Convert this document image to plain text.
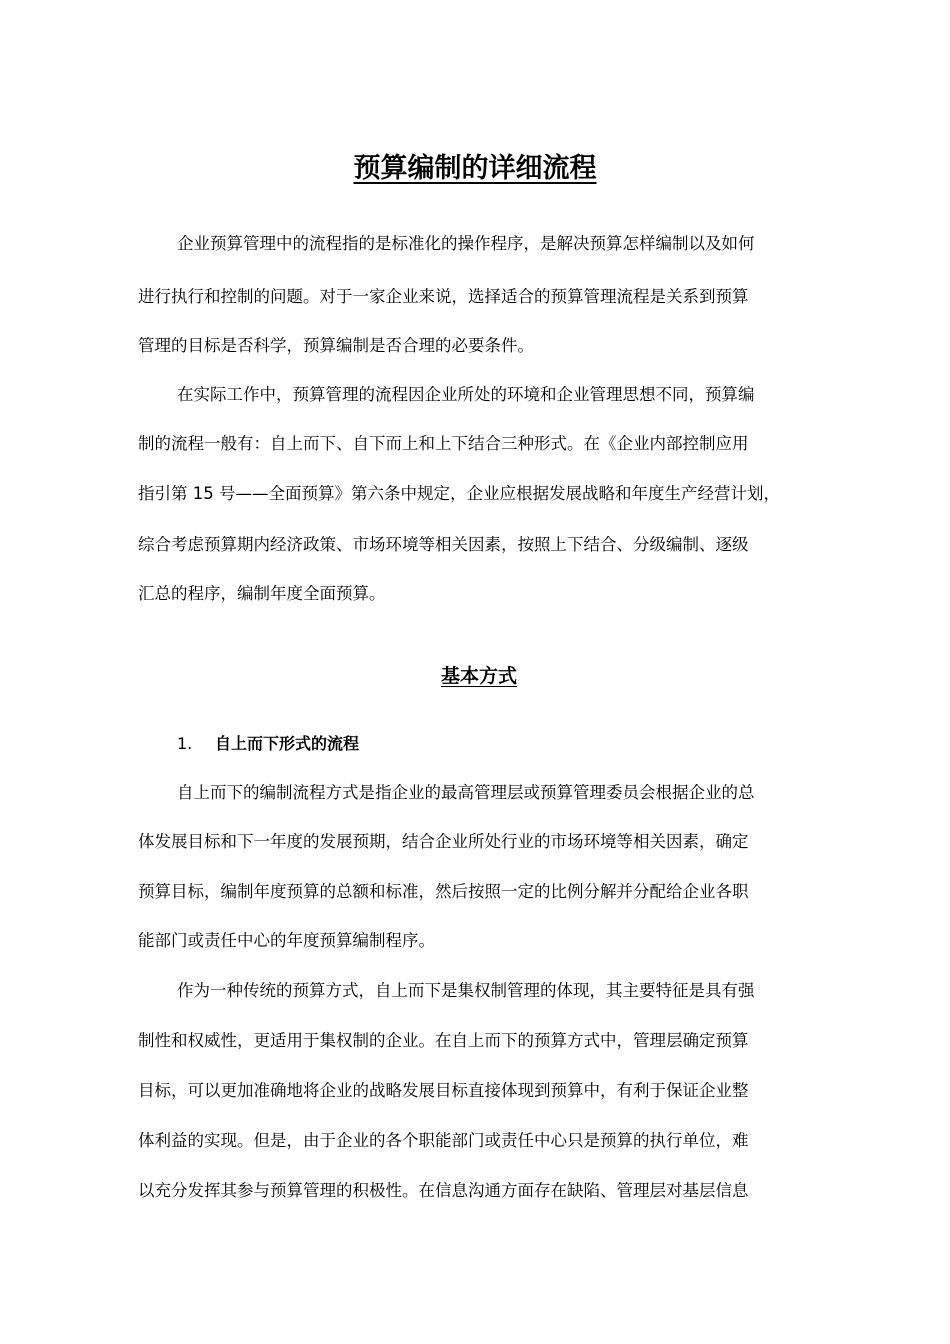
预算编制的详细流程

企业预算管理中的流程指的是标准化的操作程序，是解决预算怎样编制以及如何

进行执行和控制的问题。对于一家企业来说，选择适合的预算管理流程是关系到预算

管理的目标是否科学，预算编制是否合理的必要条件。

在实际工作中，预算管理的流程因企业所处的环境和企业管理思想不同，预算编

制的流程一般有：自上而下、自下而上和上下结合三种形式。在《企业内部控制应用

指引第 15 号——全面预算》第六条中规定，企业应根据发展战略和年度生产经营计划，

综合考虑预算期内经济政策、市场环境等相关因素，按照上下结合、分级编制、逐级

汇总的程序，编制年度全面预算。

基本方式
1. 自上而下形式的流程

自上而下的编制流程方式是指企业的最高管理层或预算管理委员会根据企业的总

体发展目标和下一年度的发展预期，结合企业所处行业的市场环境等相关因素，确定

预算目标，编制年度预算的总额和标准，然后按照一定的比例分解并分配给企业各职

能部门或责任中心的年度预算编制程序。

作为一种传统的预算方式，自上而下是集权制管理的体现，其主要特征是具有强

制性和权威性，更适用于集权制的企业。在自上而下的预算方式中，管理层确定预算

目标，可以更加准确地将企业的战略发展目标直接体现到预算中，有利于保证企业整

体利益的实现。但是，由于企业的各个职能部门或责任中心只是预算的执行单位，难

以充分发挥其参与预算管理的积极性。在信息沟通方面存在缺陷、管理层对基层信息
